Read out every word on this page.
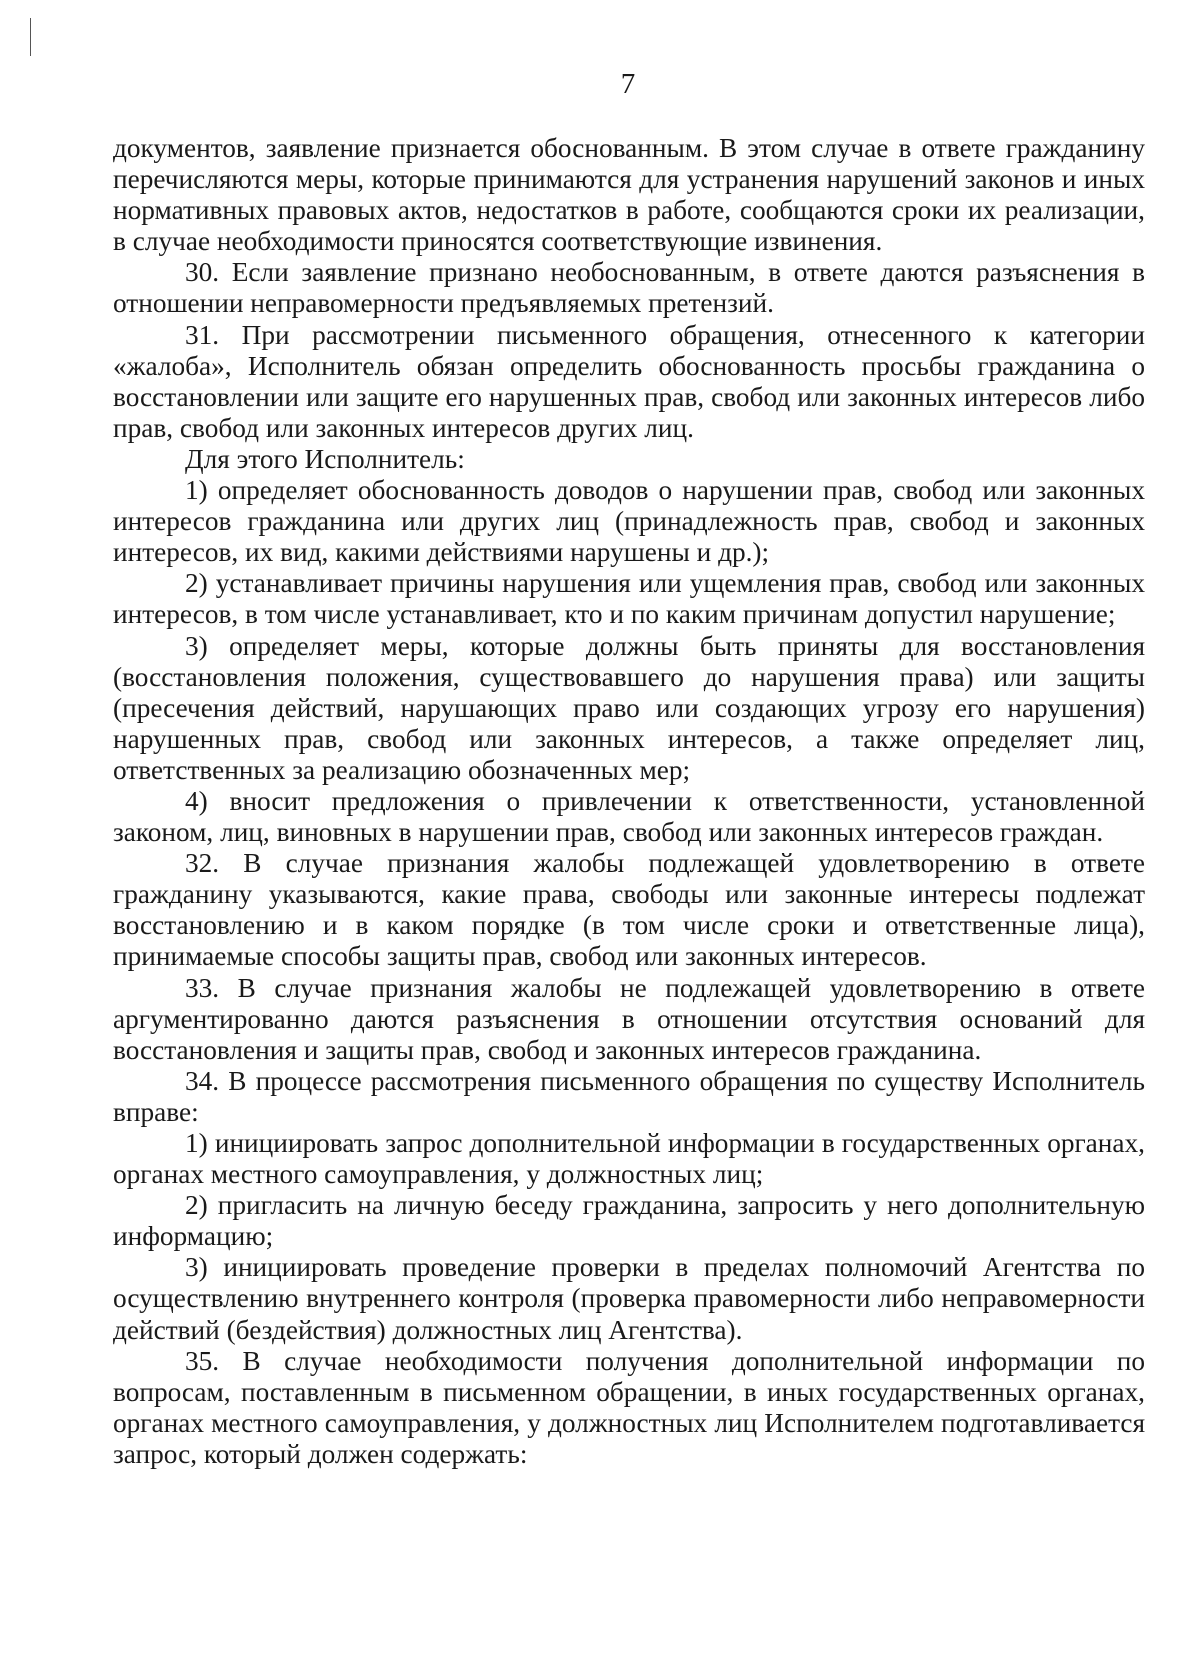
7

документов, заявление признается обоснованным. В этом случае в ответе гражданину перечисляются меры, которые принимаются для устранения нарушений законов и иных нормативных правовых актов, недостатков в работе, сообщаются сроки их реализации, в случае необходимости приносятся соответствующие извинения.

30. Если заявление признано необоснованным, в ответе даются разъяснения в отношении неправомерности предъявляемых претензий.

31. При рассмотрении письменного обращения, отнесенного к категории «жалоба», Исполнитель обязан определить обоснованность просьбы гражданина о восстановлении или защите его нарушенных прав, свобод или законных интересов либо прав, свобод или законных интересов других лиц.

Для этого Исполнитель:

1) определяет обоснованность доводов о нарушении прав, свобод или законных интересов гражданина или других лиц (принадлежность прав, свобод и законных интересов, их вид, какими действиями нарушены и др.);

2) устанавливает причины нарушения или ущемления прав, свобод или законных интересов, в том числе устанавливает, кто и по каким причинам допустил нарушение;

3) определяет меры, которые должны быть приняты для восстановления (восстановления положения, существовавшего до нарушения права) или защиты (пресечения действий, нарушающих право или создающих угрозу его нарушения) нарушенных прав, свобод или законных интересов, а также определяет лиц, ответственных за реализацию обозначенных мер;

4) вносит предложения о привлечении к ответственности, установленной законом, лиц, виновных в нарушении прав, свобод или законных интересов граждан.

32. В случае признания жалобы подлежащей удовлетворению в ответе гражданину указываются, какие права, свободы или законные интересы подлежат восстановлению и в каком порядке (в том числе сроки и ответственные лица), принимаемые способы защиты прав, свобод или законных интересов.

33. В случае признания жалобы не подлежащей удовлетворению в ответе аргументированно даются разъяснения в отношении отсутствия оснований для восстановления и защиты прав, свобод и законных интересов гражданина.

34. В процессе рассмотрения письменного обращения по существу Исполнитель вправе:

1) инициировать запрос дополнительной информации в государственных органах, органах местного самоуправления, у должностных лиц;

2) пригласить на личную беседу гражданина, запросить у него дополнительную информацию;

3) инициировать проведение проверки в пределах полномочий Агентства по осуществлению внутреннего контроля (проверка правомерности либо неправомерности действий (бездействия) должностных лиц Агентства).

35. В случае необходимости получения дополнительной информации по вопросам, поставленным в письменном обращении, в иных государственных органах, органах местного самоуправления, у должностных лиц Исполнителем подготавливается запрос, который должен содержать:
